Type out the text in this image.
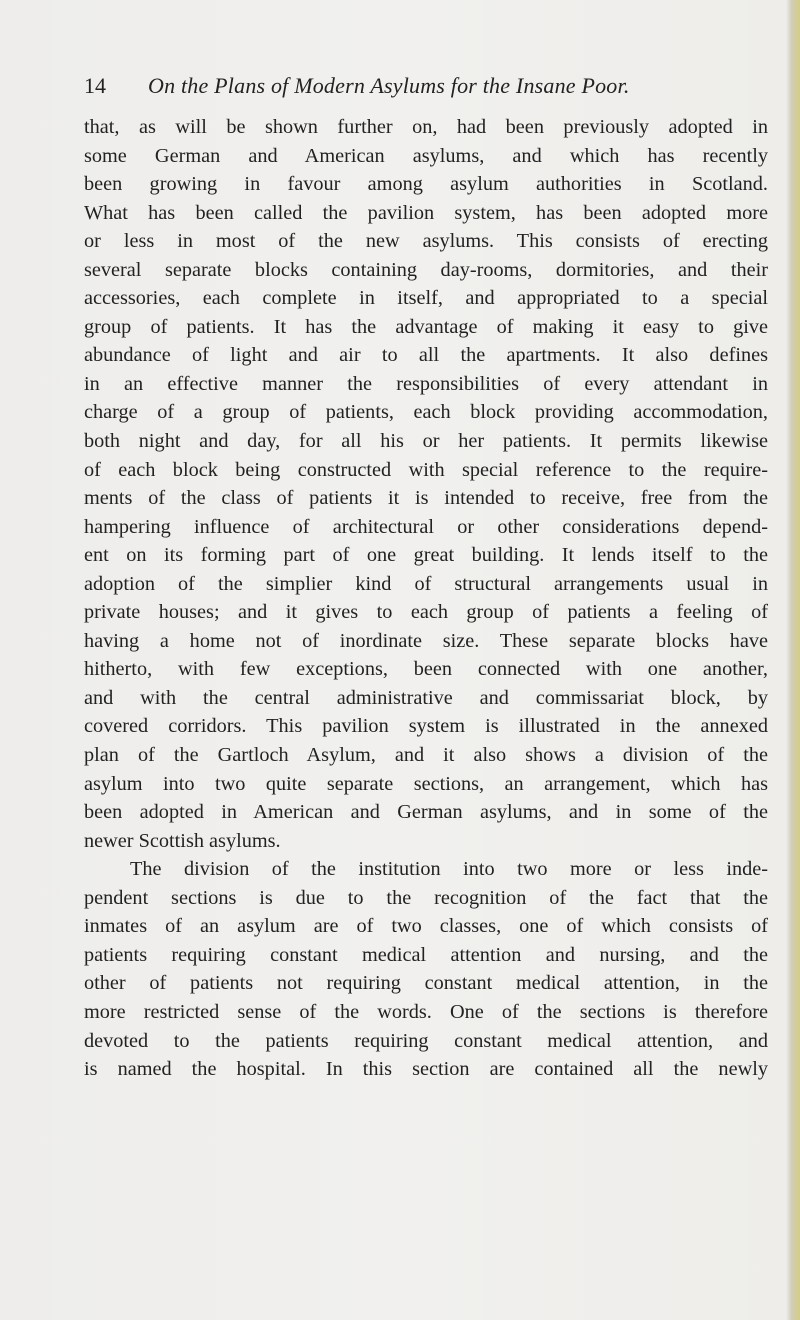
14 On the Plans of Modern Asylums for the Insane Poor.
that, as will be shown further on, had been previously adopted in
some German and American asylums, and which has recently
been growing in favour among asylum authorities in Scotland.
What has been called the pavilion system, has been adopted more
or less in most of the new asylums. This consists of erecting
several separate blocks containing day-rooms, dormitories, and their
accessories, each complete in itself, and appropriated to a special
group of patients. It has the advantage of making it easy to give
abundance of light and air to all the apartments. It also defines
in an effective manner the responsibilities of every attendant in
charge of a group of patients, each block providing accommodation,
both night and day, for all his or her patients. It permits likewise
of each block being constructed with special reference to the require-
ments of the class of patients it is intended to receive, free from the
hampering influence of architectural or other considerations depend-
ent on its forming part of one great building. It lends itself to the
adoption of the simplier kind of structural arrangements usual in
private houses; and it gives to each group of patients a feeling of
having a home not of inordinate size. These separate blocks have
hitherto, with few exceptions, been connected with one another,
and with the central administrative and commissariat block, by
covered corridors. This pavilion system is illustrated in the annexed
plan of the Gartloch Asylum, and it also shows a division of the
asylum into two quite separate sections, an arrangement, which has
been adopted in American and German asylums, and in some of the
newer Scottish asylums.
The division of the institution into two more or less inde-
pendent sections is due to the recognition of the fact that the
inmates of an asylum are of two classes, one of which consists of
patients requiring constant medical attention and nursing, and the
other of patients not requiring constant medical attention, in the
more restricted sense of the words. One of the sections is therefore
devoted to the patients requiring constant medical attention, and
is named the hospital. In this section are contained all the newly
